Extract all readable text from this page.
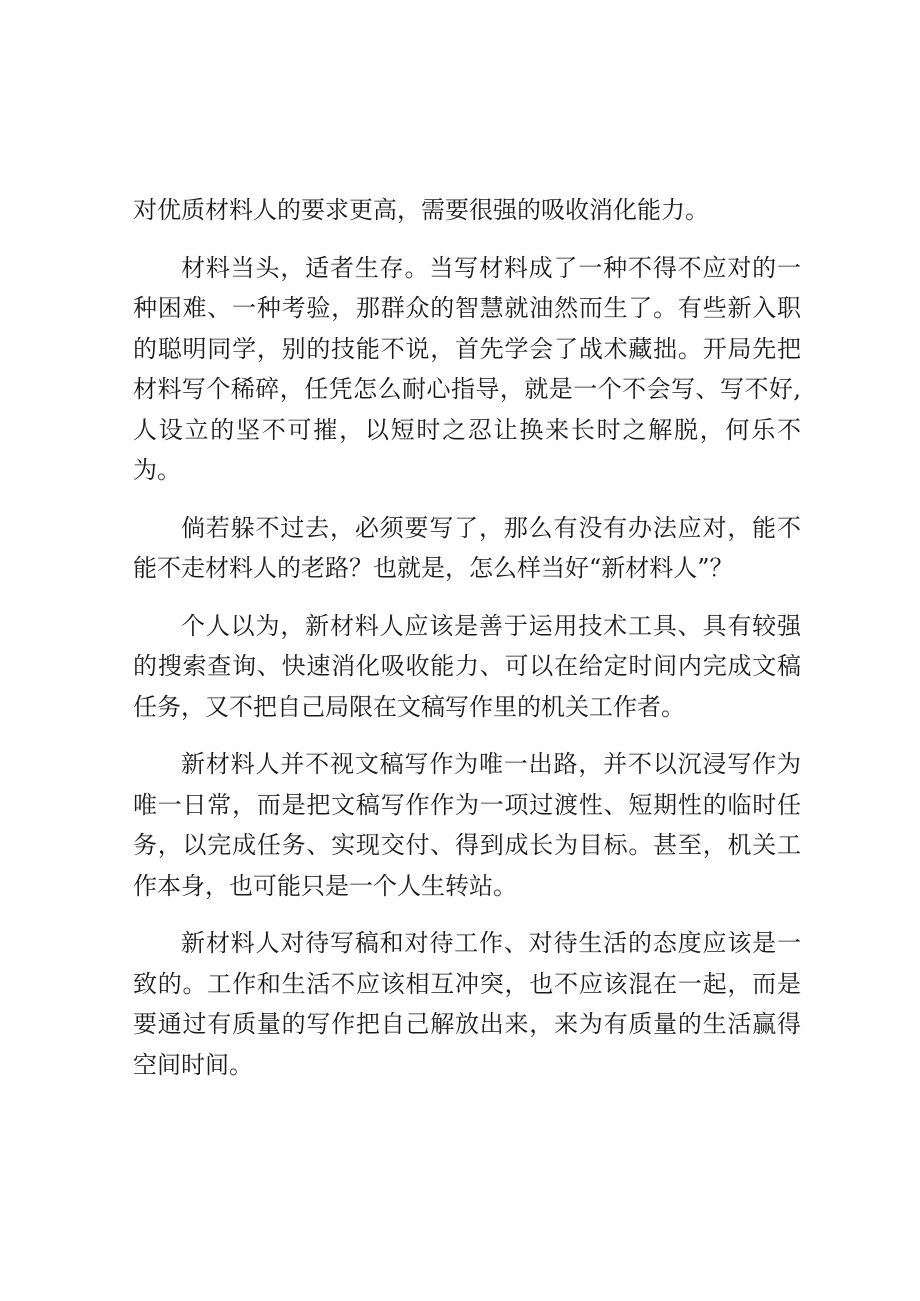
对优质材料人的要求更高，需要很强的吸收消化能力。

材料当头，适者生存。当写材料成了一种不得不应对的一种困难、一种考验，那群众的智慧就油然而生了。有些新入职的聪明同学，别的技能不说，首先学会了战术藏拙。开局先把材料写个稀碎，任凭怎么耐心指导，就是一个不会写、写不好,人设立的坚不可摧，以短时之忍让换来长时之解脱，何乐不为。

倘若躲不过去，必须要写了，那么有没有办法应对，能不能不走材料人的老路？也就是，怎么样当好“新材料人”？

个人以为，新材料人应该是善于运用技术工具、具有较强的搜索查询、快速消化吸收能力、可以在给定时间内完成文稿任务，又不把自己局限在文稿写作里的机关工作者。

新材料人并不视文稿写作为唯一出路，并不以沉浸写作为唯一日常，而是把文稿写作作为一项过渡性、短期性的临时任务，以完成任务、实现交付、得到成长为目标。甚至，机关工作本身，也可能只是一个人生转站。

新材料人对待写稿和对待工作、对待生活的态度应该是一致的。工作和生活不应该相互冲突，也不应该混在一起，而是要通过有质量的写作把自己解放出来，来为有质量的生活赢得空间时间。
